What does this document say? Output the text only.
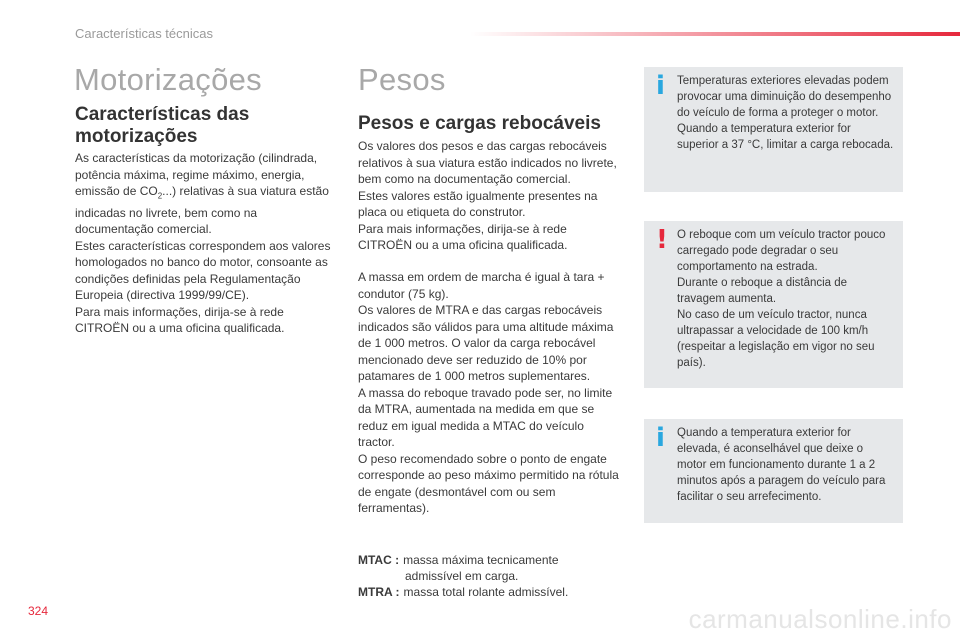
Características técnicas
Motorizações
Características das
motorizações

As características da motorização (cilindrada, potência máxima, regime máximo, energia, emissão de $CO_2$...) relativas à sua viatura estão indicadas no livrete, bem como na documentação comercial.

Estes características correspondem aos valores homologados no banco do motor, consoante as condições definidas pela Regulamentação Europeia (directiva 1999/99/CE).

Para mais informações, dirija-se à rede CITROËN ou a uma oficina qualificada.

Pesos
Pesos e cargas rebocáveis

Os valores dos pesos e das cargas rebocáveis relativos à sua viatura estão indicados no livrete, bem como na documentação comercial.

Estes valores estão igualmente presentes na placa ou etiqueta do construtor.

Para mais informações, dirija-se à rede CITROËN ou a uma oficina qualificada.

A massa em ordem de marcha é igual à tara + condutor (75 kg).

Os valores de MTRA e das cargas rebocáveis indicados são válidos para uma altitude máxima de 1 000 metros. O valor da carga rebocável mencionado deve ser reduzido de 10% por patamares de 1 000 metros suplementares.

A massa do reboque travado pode ser, no limite da MTRA, aumentada na medida em que se reduz em igual medida a MTAC do veículo tractor.

O peso recomendado sobre o ponto de engate corresponde ao peso máximo permitido na rótula de engate (desmontável com ou sem ferramentas).

MTAC : massa máxima tecnicamente
admissível em carga.
MTRA : massa total rolante admissível.
i Temperaturas exteriores elevadas podem provocar uma diminuição do desempenho do veículo de forma a proteger o motor. Quando a temperatura exterior for superior a 37 °C, limitar a carga rebocada.
! O reboque com um veículo tractor pouco carregado pode degradar o seu comportamento na estrada.
Durante o reboque a distância de travagem aumenta.
No caso de um veículo tractor, nunca ultrapassar a velocidade de 100 km/h (respeitar a legislação em vigor no seu país).
i Quando a temperatura exterior for elevada, é aconselhável que deixe o motor em funcionamento durante 1 a 2 minutos após a paragem do veículo para facilitar o seu arrefecimento.
324	carmanualsonline.info
